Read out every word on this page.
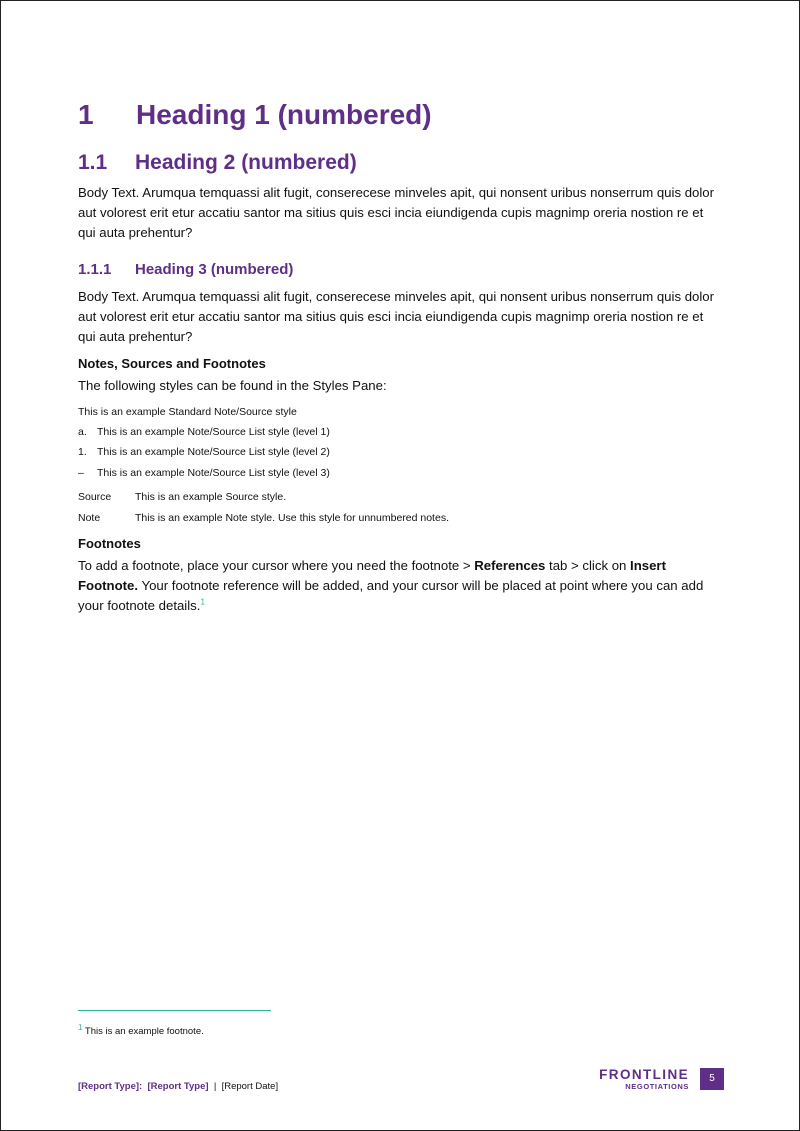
1 Heading 1 (numbered)
1.1 Heading 2 (numbered)

Body Text. Arumqua temquassi alit fugit, conserecese minveles apit, qui nonsent uribus nonserrum quis dolor aut volorest erit etur accatiu santor ma sitius quis esci incia eiundigenda cupis magnimp oreria nostion re et qui auta prehentur?

1.1.1 Heading 3 (numbered)

Body Text. Arumqua temquassi alit fugit, conserecese minveles apit, qui nonsent uribus nonserrum quis dolor aut volorest erit etur accatiu santor ma sitius quis esci incia eiundigenda cupis magnimp oreria nostion re et qui auta prehentur?

Notes, Sources and Footnotes

The following styles can be found in the Styles Pane:

This is an example Standard Note/Source style

a. This is an example Note/Source List style (level 1)

1. This is an example Note/Source List style (level 2)

– This is an example Note/Source List style (level 3)

Source This is an example Source style.

Note	This is an example Note style. Use this style for unnumbered notes.

Footnotes

To add a footnote, place your cursor where you need the footnote > References tab > click on Insert Footnote. Your footnote reference will be added, and your cursor will be placed at point where you can add your footnote details.$^1$

$^1$ This is an example footnote.

[Report Type]: [Report Type] | [Report Date]
FRONTLINE
NEGOTIATIONS
5
